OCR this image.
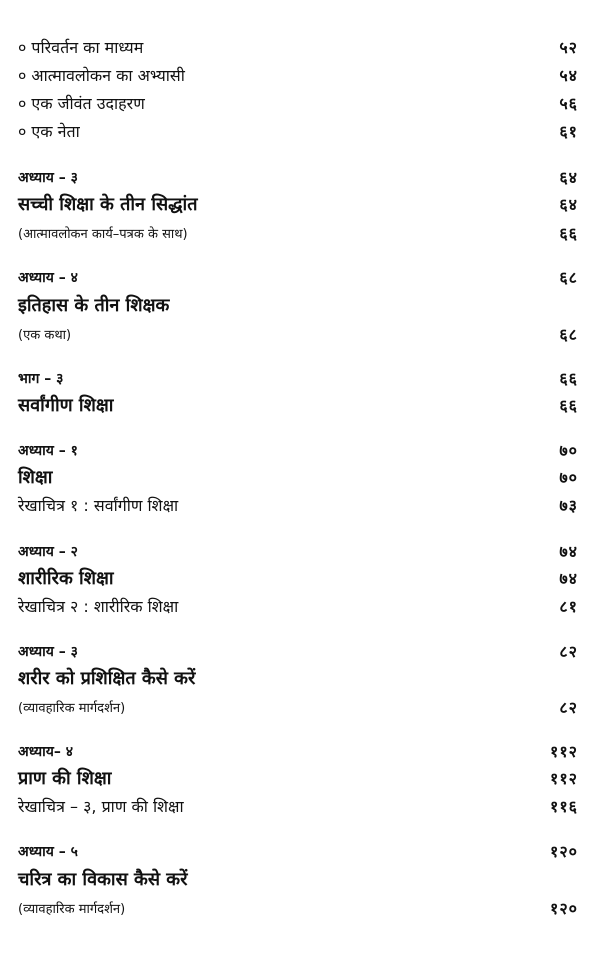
० परिवर्तन का माध्यम	५२
० आत्मावलोकन का अभ्यासी	५४
० एक जीवंत उदाहरण	५६
० एक नेता	६१
अध्याय – ३	६४
सच्ची शिक्षा के तीन सिद्धांत	६४
(आत्मावलोकन कार्य–पत्रक के साथ)	६६
अध्याय – ४	६८
इतिहास के तीन शिक्षक
(एक कथा)	६८
भाग – ३	६६
सर्वांगीण शिक्षा	६६
अध्याय – १	७०
शिक्षा	७०
रेखाचित्र १ : सर्वांगीण शिक्षा	७३
अध्याय – २	७४
शारीरिक शिक्षा	७४
रेखाचित्र २ : शारीरिक शिक्षा	८१
अध्याय – ३	८२
शरीर को प्रशिक्षित कैसे करें
(व्यावहारिक मार्गदर्शन)	८२
अध्याय– ४	११२
प्राण की शिक्षा	११२
रेखाचित्र – ३, प्राण की शिक्षा	११६
अध्याय – ५	१२०
चरित्र का विकास कैसे करें
(व्यावहारिक मार्गदर्शन)	१२०
